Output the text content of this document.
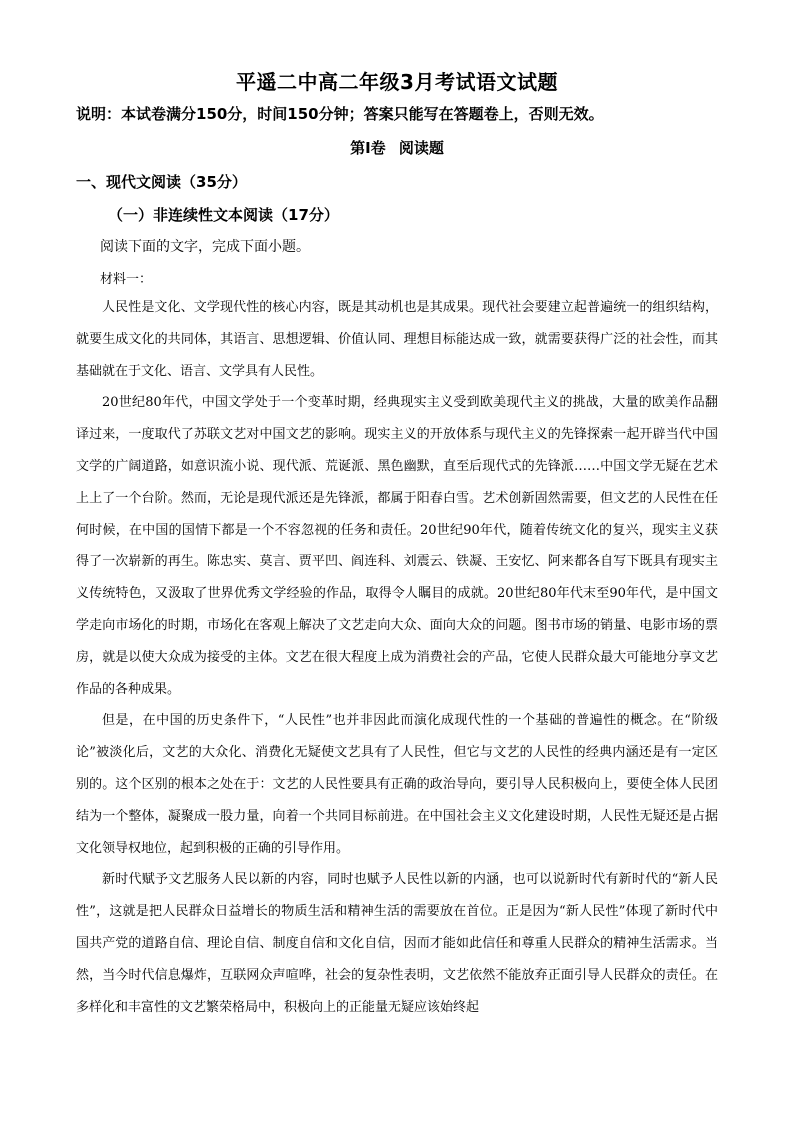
平遥二中高二年级3月考试语文试题
说明：本试卷满分150分，时间150分钟；答案只能写在答题卷上，否则无效。
第I卷 阅读题
一、现代文阅读（35分）
（一）非连续性文本阅读（17分）
阅读下面的文字，完成下面小题。
材料一：

人民性是文化、文学现代性的核心内容，既是其动机也是其成果。现代社会要建立起普遍统一的组织结构，就要生成文化的共同体，其语言、思想逻辑、价值认同、理想目标能达成一致，就需要获得广泛的社会性，而其基础就在于文化、语言、文学具有人民性。

20世纪80年代，中国文学处于一个变革时期，经典现实主义受到欧美现代主义的挑战，大量的欧美作品翻译过来，一度取代了苏联文艺对中国文艺的影响。现实主义的开放体系与现代主义的先锋探索一起开辟当代中国文学的广阔道路，如意识流小说、现代派、荒诞派、黑色幽默，直至后现代式的先锋派……中国文学无疑在艺术上上了一个台阶。然而，无论是现代派还是先锋派，都属于阳春白雪。艺术创新固然需要，但文艺的人民性在任何时候，在中国的国情下都是一个不容忽视的任务和责任。20世纪90年代，随着传统文化的复兴，现实主义获得了一次崭新的再生。陈忠实、莫言、贾平凹、阎连科、刘震云、铁凝、王安忆、阿来都各自写下既具有现实主义传统特色，又汲取了世界优秀文学经验的作品，取得令人瞩目的成就。20世纪80年代末至90年代，是中国文学走向市场化的时期，市场化在客观上解决了文艺走向大众、面向大众的问题。图书市场的销量、电影市场的票房，就是以使大众成为接受的主体。文艺在很大程度上成为消费社会的产品，它使人民群众最大可能地分享文艺作品的各种成果。

但是，在中国的历史条件下，“人民性”也并非因此而演化成现代性的一个基础的普遍性的概念。在“阶级论”被淡化后，文艺的大众化、消费化无疑使文艺具有了人民性，但它与文艺的人民性的经典内涵还是有一定区别的。这个区别的根本之处在于：文艺的人民性要具有正确的政治导向，要引导人民积极向上，要使全体人民团结为一个整体，凝聚成一股力量，向着一个共同目标前进。在中国社会主义文化建设时期，人民性无疑还是占据文化领导权地位，起到积极的正确的引导作用。

新时代赋予文艺服务人民以新的内容，同时也赋予人民性以新的内涵，也可以说新时代有新时代的“新人民性”，这就是把人民群众日益增长的物质生活和精神生活的需要放在首位。正是因为“新人民性”体现了新时代中国共产党的道路自信、理论自信、制度自信和文化自信，因而才能如此信任和尊重人民群众的精神生活需求。当然，当今时代信息爆炸，互联网众声喧哗，社会的复杂性表明，文艺依然不能放弃正面引导人民群众的责任。在多样化和丰富性的文艺繁荣格局中，积极向上的正能量无疑应该始终起
